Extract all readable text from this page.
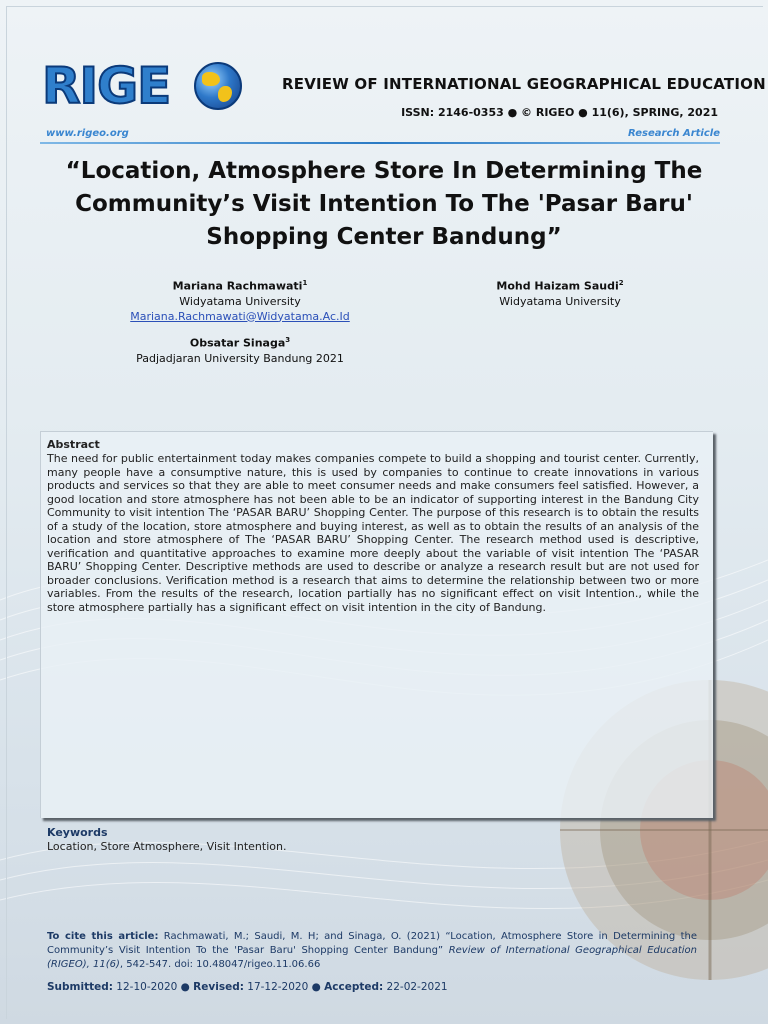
RIGE	REVIEW OF INTERNATIONAL GEOGRAPHICAL EDUCATION
ISSN: 2146-0353 ● © RIGEO ● 11(6), SPRING, 2021
www.rigeo.org	Research Article
“Location, Atmosphere Store In Determining The Community’s Visit Intention To The 'Pasar Baru' Shopping Center Bandung”
Mariana Rachmawati$^1$
Widyatama University
Mariana.Rachmawati@Widyatama.Ac.Id
Mohd Haizam Saudi$^2$
Widyatama University
Obsatar Sinaga$^3$
Padjadjaran University Bandung 2021
Abstract
The need for public entertainment today makes companies compete to build a shopping and tourist center. Currently, many people have a consumptive nature, this is used by companies to continue to create innovations in various products and services so that they are able to meet consumer needs and make consumers feel satisfied. However, a good location and store atmosphere has not been able to be an indicator of supporting interest in the Bandung City Community to visit intention The ‘PASAR BARU’ Shopping Center. The purpose of this research is to obtain the results of a study of the location, store atmosphere and buying interest, as well as to obtain the results of an analysis of the location and store atmosphere of The ‘PASAR BARU’ Shopping Center. The research method used is descriptive, verification and quantitative approaches to examine more deeply about the variable of visit intention The ‘PASAR BARU’ Shopping Center. Descriptive methods are used to describe or analyze a research result but are not used for broader conclusions. Verification method is a research that aims to determine the relationship between two or more variables. From the results of the research, location partially has no significant effect on visit Intention., while the store atmosphere partially has a significant effect on visit intention in the city of Bandung.
Keywords
Location, Store Atmosphere, Visit Intention.
To cite this article: Rachmawati, M.; Saudi, M. H; and Sinaga, O. (2021) “Location, Atmosphere Store in Determining the Community’s Visit Intention To the 'Pasar Baru' Shopping Center Bandung” Review of International Geographical Education (RIGEO), 11(6), 542-547. doi: 10.48047/rigeo.11.06.66
Submitted: 12-10-2020 ● Revised: 17-12-2020 ● Accepted: 22-02-2021
